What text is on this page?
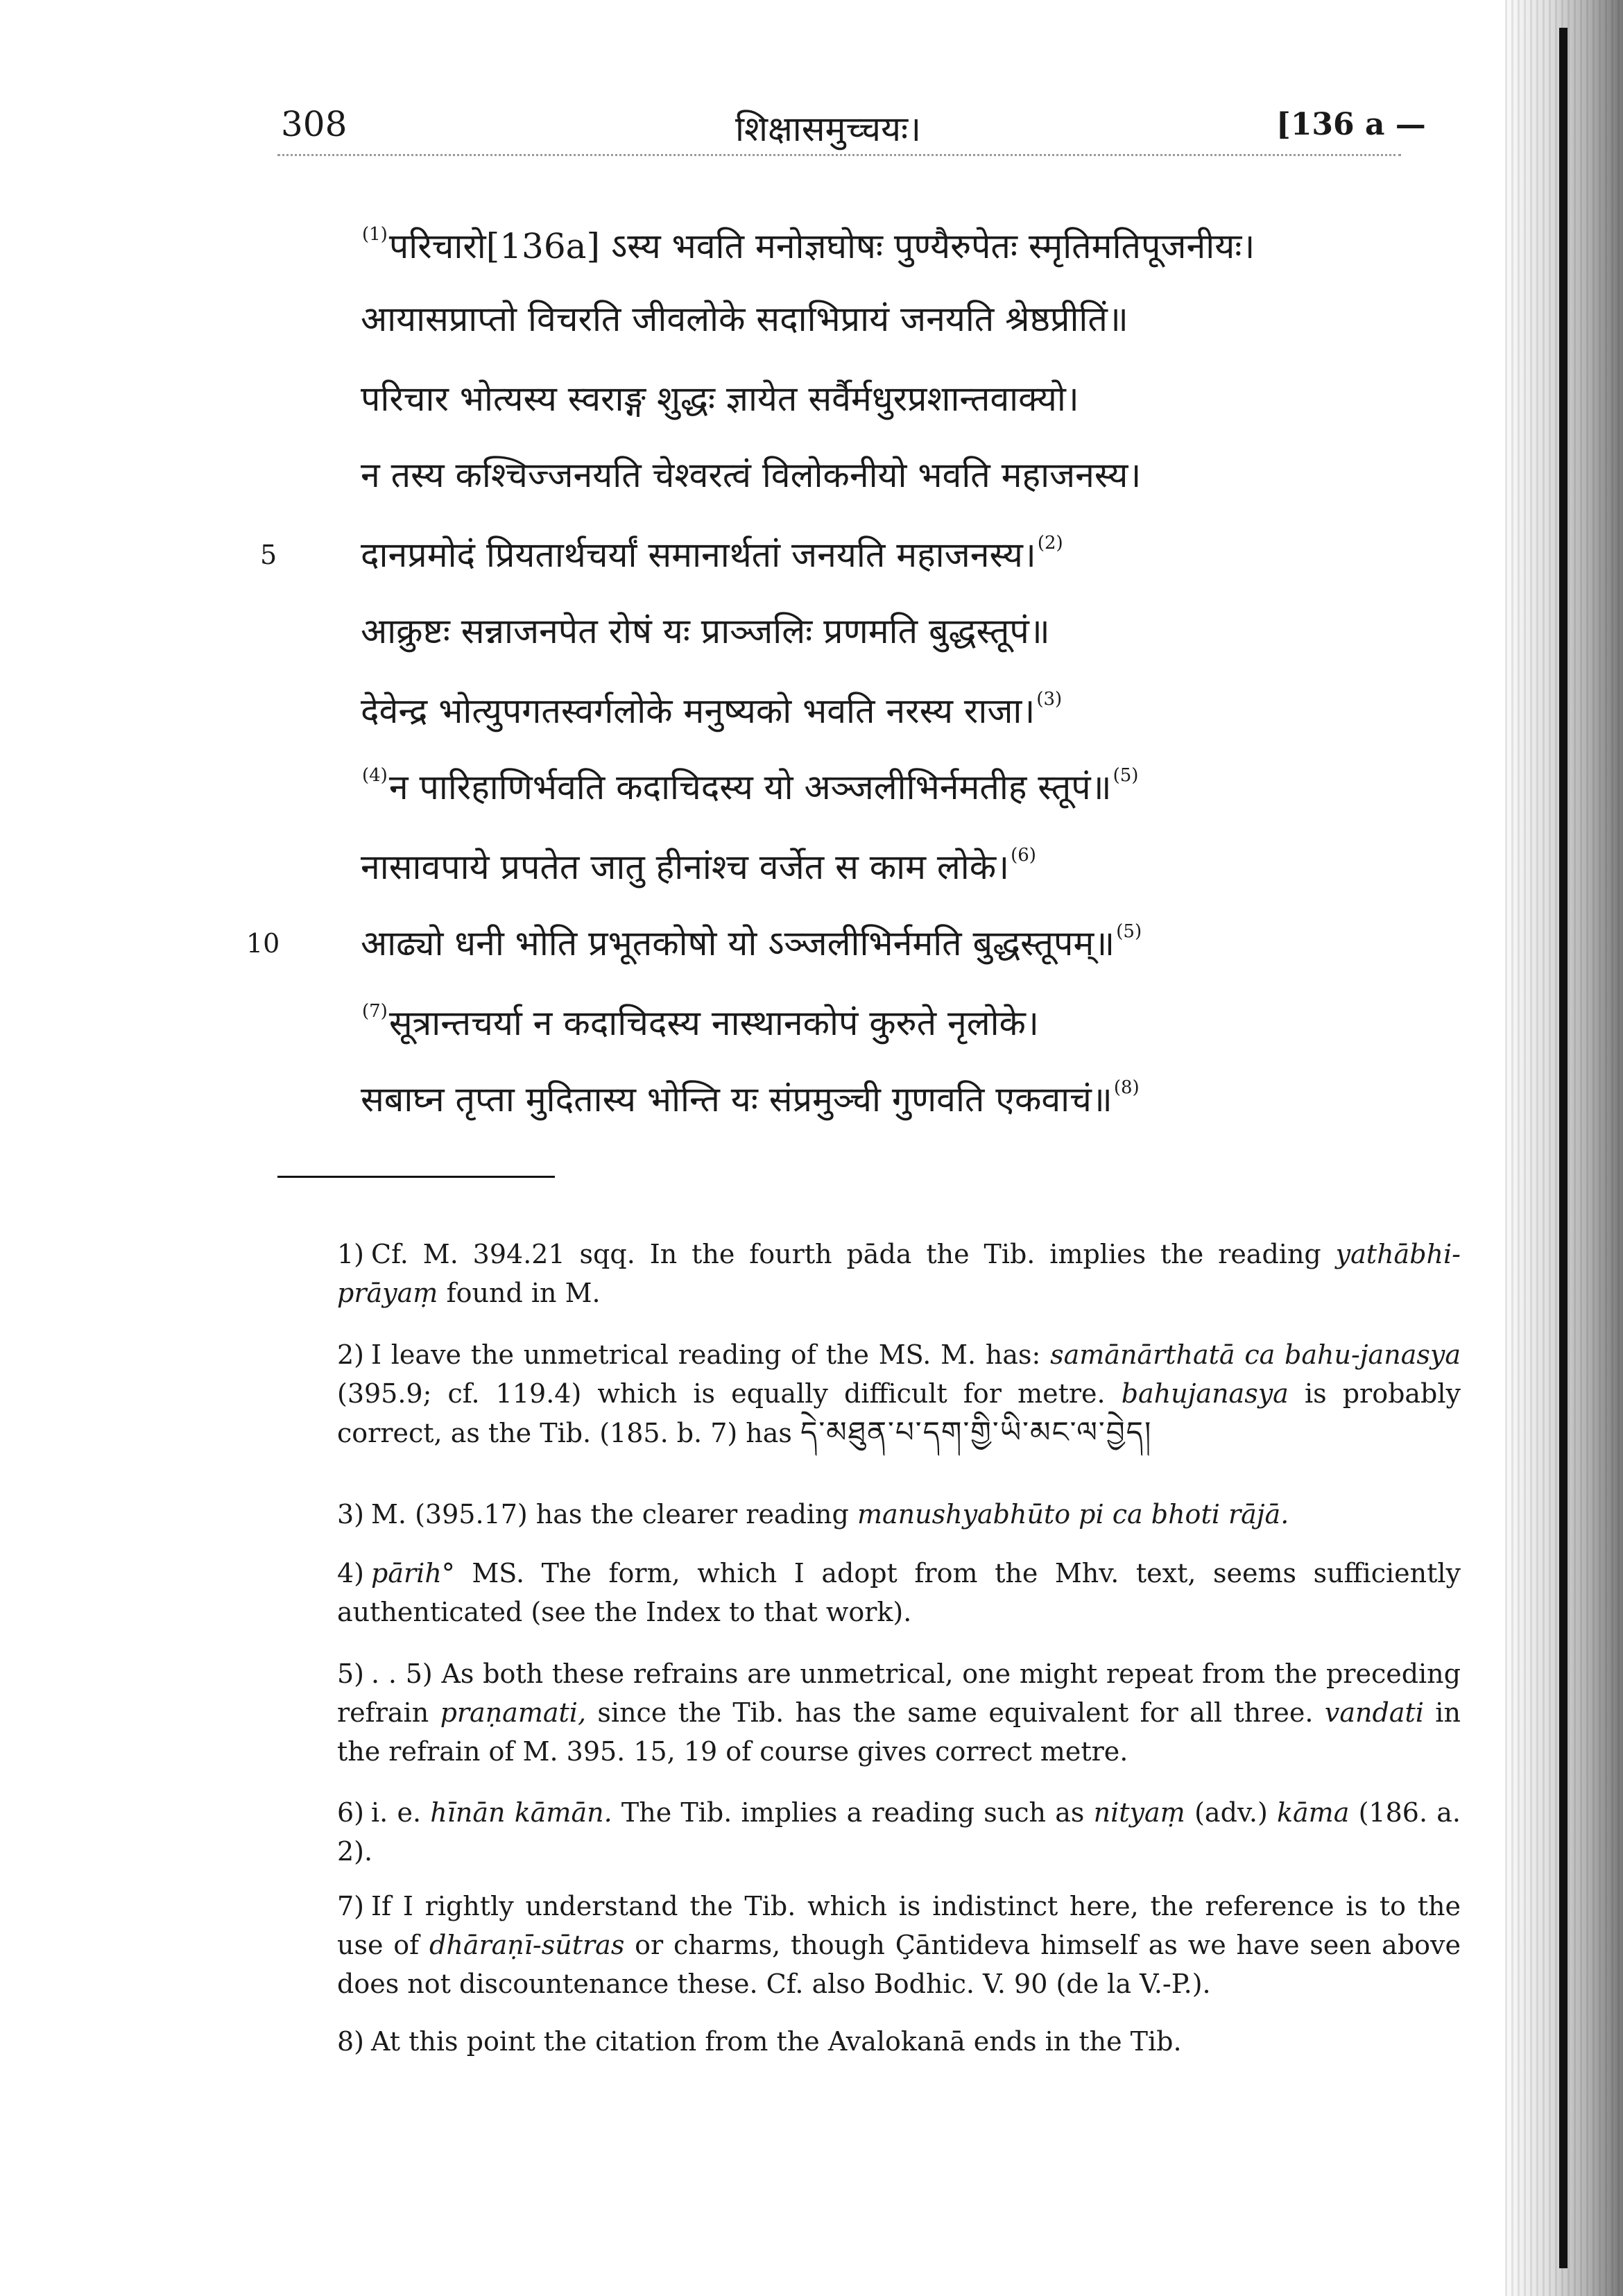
308	शिक्षासमुच्चयः।	[136 a —
$^{(1)}$परिचारो[136a] ऽस्य भवति मनोज्ञघोषः पुण्यैरुपेतः स्मृतिमतिपूजनीयः।
आयासप्राप्तो विचरति जीवलोके सदाभिप्रायं जनयति श्रेष्ठप्रीतिं॥
परिचार भोत्यस्य स्वराङ्ग शुद्धः ज्ञायेत सर्वैर्मधुरप्रशान्तवाक्यो।
न तस्य कश्चिज्जनयति चेश्वरत्वं विलोकनीयो भवति महाजनस्य।
दानप्रमोदं प्रियतार्थचर्यां समानार्थतां जनयति महाजनस्य।$^{(2)}$
आक्रुष्टः सन्नाजनपेत रोषं यः प्राञ्जलिः प्रणमति बुद्धस्तूपं॥
देवेन्द्र भोत्युपगतस्वर्गलोके मनुष्यको भवति नरस्य राजा।$^{(3)}$
$^{(4)}$न पारिहाणिर्भवति कदाचिदस्य यो अञ्जलीभिर्नमतीह स्तूपं॥$^{(5)}$
नासावपाये प्रपतेत जातु हीनांश्च वर्जेत स काम लोके।$^{(6)}$
आढ्यो धनी भोति प्रभूतकोषो यो ऽञ्जलीभिर्नमति बुद्धस्तूपम्॥$^{(5)}$
$^{(7)}$सूत्रान्तचर्या न कदाचिदस्य नास्थानकोपं कुरुते नृलोके।
सबाघ्न तृप्ता मुदितास्य भोन्ति यः संप्रमुञ्ची गुणवति एकवाचं॥$^{(8)}$
5
10
1) Cf. M. 394.21 sqq. In the fourth pāda the Tib. implies the reading yathābhi-prāyaṃ found in M.
2) I leave the unmetrical reading of the MS. M. has: samānārthatā ca bahu-janasya (395.9; cf. 119.4) which is equally difficult for metre. bahujanasya is probably correct, as the Tib. (185. b. 7) has དེ་མཐུན་པ་དག་གྱི་ཡི་མང་ལ་བྱེད།
3) M. (395.17) has the clearer reading manushyabhūto pi ca bhoti rājā.
4) pārih° MS. The form, which I adopt from the Mhv. text, seems sufficiently authenticated (see the Index to that work).
5) . . 5) As both these refrains are unmetrical, one might repeat from the preceding refrain praṇamati, since the Tib. has the same equivalent for all three. vandati in the refrain of M. 395. 15, 19 of course gives correct metre.
6) i. e. hīnān kāmān. The Tib. implies a reading such as nityaṃ (adv.) kāma (186. a. 2).
7) If I rightly understand the Tib. which is indistinct here, the reference is to the use of dhāraṇī-sūtras or charms, though Çāntideva himself as we have seen above does not discountenance these. Cf. also Bodhic. V. 90 (de la V.-P.).
8) At this point the citation from the Avalokanā ends in the Tib.
